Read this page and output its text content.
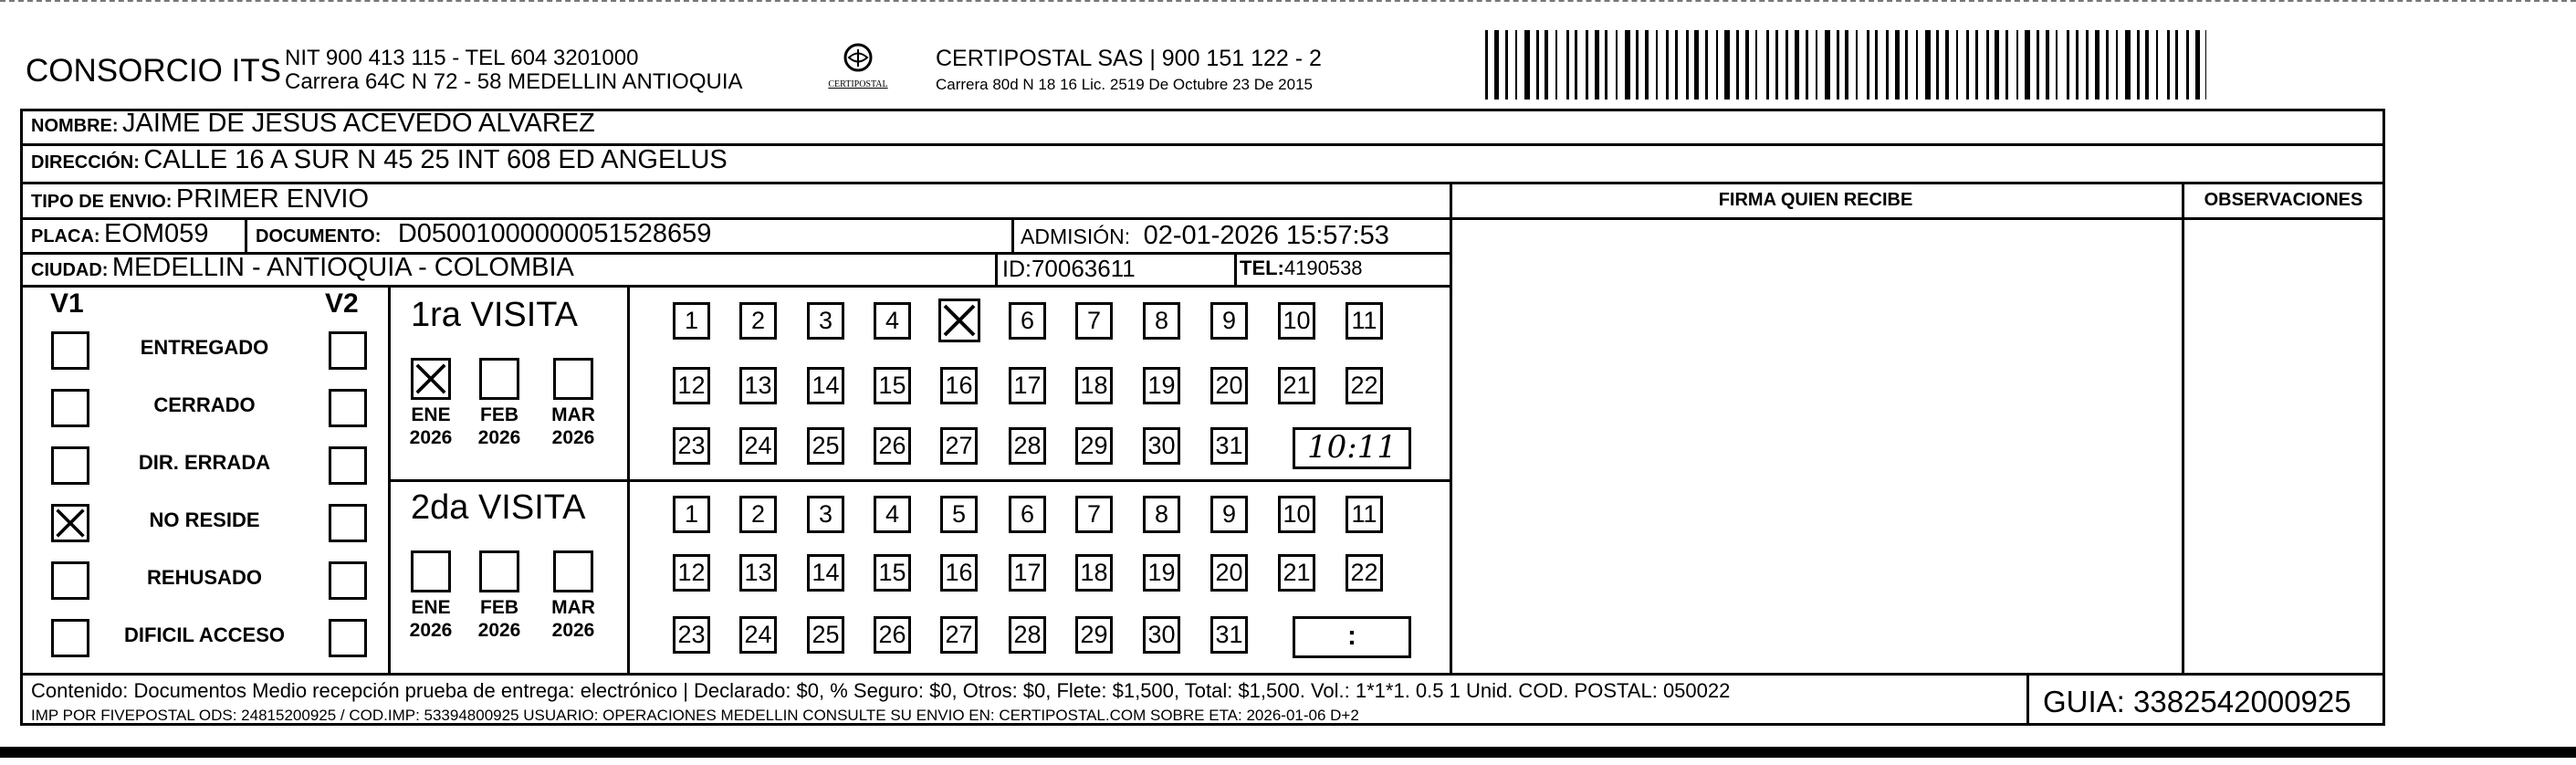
CONSORCIO ITS NIT 900 413 115 - TEL 604 3201000
Carrera 64C N 72 - 58 MEDELLIN ANTIOQUIA	CERTIPOSTAL
CERTIPOSTAL SAS | 900 151 122 - 2
Carrera 80d N 18 16 Lic. 2519 De Octubre 23 De 2015
NOMBRE: JAIME DE JESUS ACEVEDO ALVAREZ
DIRECCIÓN: CALLE 16 A SUR N 45 25 INT 608 ED ANGELUS
TIPO DE ENVIO: PRIMER ENVIO	FIRMA QUIEN RECIBE	OBSERVACIONES
PLACA: EOM059	DOCUMENTO: D05001000000051528659	ADMISIÓN: 02-01-2026 15:57:53
CIUDAD: MEDELLIN - ANTIOQUIA - COLOMBIA	ID:70063611	TEL:4190538
V1	V2
ENTREGADO
CERRADO
DIR. ERRADA
NO RESIDE
REHUSADO
DIFICIL ACCESO
1ra VISITA
ENE
2026
FEB
2026
MAR
2026
1	2	3	4	6	7	8	9	10 11
12 13 14 15 16 17 18 19 20 21 22
23 24 25 26 27 28 29 30 31	10:11
2da VISITA
ENE
2026
FEB
2026
MAR
2026
1	2	3	4	5	6	7	8	9	10 11
12 13 14 15 16 17 18 19 20 21 22
23 24 25 26 27 28 29 30 31	:
Contenido: Documentos Medio recepción prueba de entrega: electrónico | Declarado: $0, % Seguro: $0, Otros: $0, Flete: $1,500, Total: $1,500. Vol.: 1*1*1. 0.5 1 Unid. COD. POSTAL: 050022
IMP POR FIVEPOSTAL ODS: 24815200925 / COD.IMP: 53394800925 USUARIO: OPERACIONES MEDELLIN CONSULTE SU ENVIO EN: CERTIPOSTAL.COM SOBRE ETA: 2026-01-06 D+2	GUIA: 3382542000925
